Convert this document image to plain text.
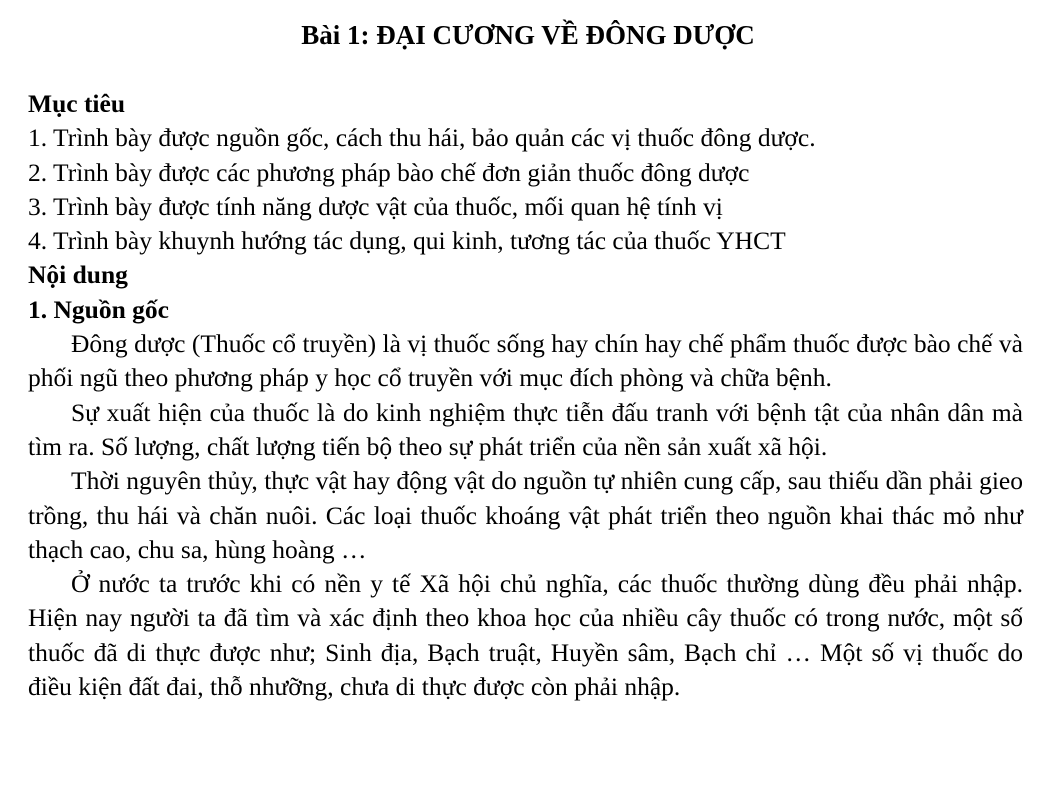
Bài 1: ĐẠI CƯƠNG VỀ ĐÔNG DƯỢC

Mục tiêu

1. Trình bày được nguồn gốc, cách thu hái, bảo quản các vị thuốc đông dược.

2. Trình bày được các phương pháp bào chế đơn giản thuốc đông dược

3. Trình bày được tính năng dược vật của thuốc, mối quan hệ tính vị

4. Trình bày khuynh hướng tác dụng, qui kinh, tương tác của thuốc YHCT

Nội dung

1. Nguồn gốc

Đông dược (Thuốc cổ truyền) là vị thuốc sống hay chín hay chế phẩm thuốc được bào chế và phối ngũ theo phương pháp y học cổ truyền với mục đích phòng và chữa bệnh.

Sự xuất hiện của thuốc là do kinh nghiệm thực tiễn đấu tranh với bệnh tật của nhân dân mà tìm ra. Số lượng, chất lượng tiến bộ theo sự phát triển của nền sản xuất xã hội.

Thời nguyên thủy, thực vật hay động vật do nguồn tự nhiên cung cấp, sau thiếu dần phải gieo trồng, thu hái và chăn nuôi. Các loại thuốc khoáng vật phát triển theo nguồn khai thác mỏ như thạch cao, chu sa, hùng hoàng …

Ở nước ta trước khi có nền y tế Xã hội chủ nghĩa, các thuốc thường dùng đều phải nhập. Hiện nay người ta đã tìm và xác định theo khoa học của nhiều cây thuốc có trong nước, một số thuốc đã di thực được như; Sinh địa, Bạch truật, Huyền sâm, Bạch chỉ … Một số vị thuốc do điều kiện đất đai, thỗ nhưỡng, chưa di thực được còn phải nhập.
